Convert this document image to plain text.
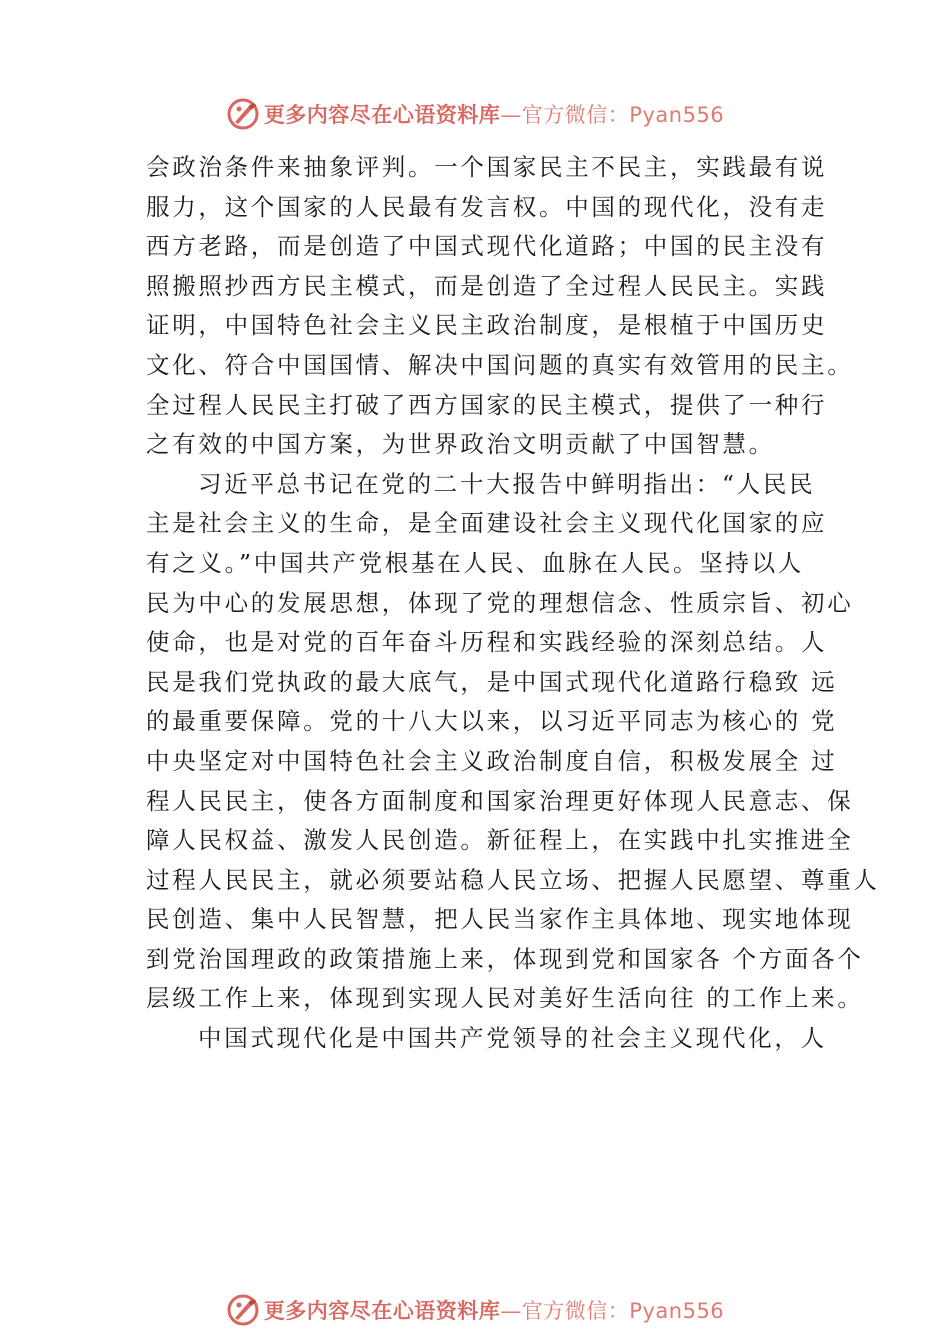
更多内容尽在心语资料库—官方微信：Pyan556
会政治条件来抽象评判。一个国家民主不民主，实践最有说
服力，这个国家的人民最有发言权。中国的现代化，没有走
西方老路，而是创造了中国式现代化道路；中国的民主没有
照搬照抄西方民主模式，而是创造了全过程人民民主。实践
证明，中国特色社会主义民主政治制度，是根植于中国历史
文化、符合中国国情、解决中国问题的真实有效管用的民主。
全过程人民民主打破了西方国家的民主模式，提供了一种行
之有效的中国方案，为世界政治文明贡献了中国智慧。
习近平总书记在党的二十大报告中鲜明指出：“人民民
主是社会主义的生命，是全面建设社会主义现代化国家的应
有之义。”中国共产党根基在人民、血脉在人民。坚持以人
民为中心的发展思想，体现了党的理想信念、性质宗旨、初心
使命，也是对党的百年奋斗历程和实践经验的深刻总结。人
民是我们党执政的最大底气，是中国式现代化道路行稳致 远
的最重要保障。党的十八大以来，以习近平同志为核心的 党
中央坚定对中国特色社会主义政治制度自信，积极发展全 过
程人民民主，使各方面制度和国家治理更好体现人民意志、保
障人民权益、激发人民创造。新征程上，在实践中扎实推进全
过程人民民主，就必须要站稳人民立场、把握人民愿望、尊重人
民创造、集中人民智慧，把人民当家作主具体地、现实地体现
到党治国理政的政策措施上来，体现到党和国家各 个方面各个
层级工作上来，体现到实现人民对美好生活向往 的工作上来。
中国式现代化是中国共产党领导的社会主义现代化，人
更多内容尽在心语资料库—官方微信：Pyan556
